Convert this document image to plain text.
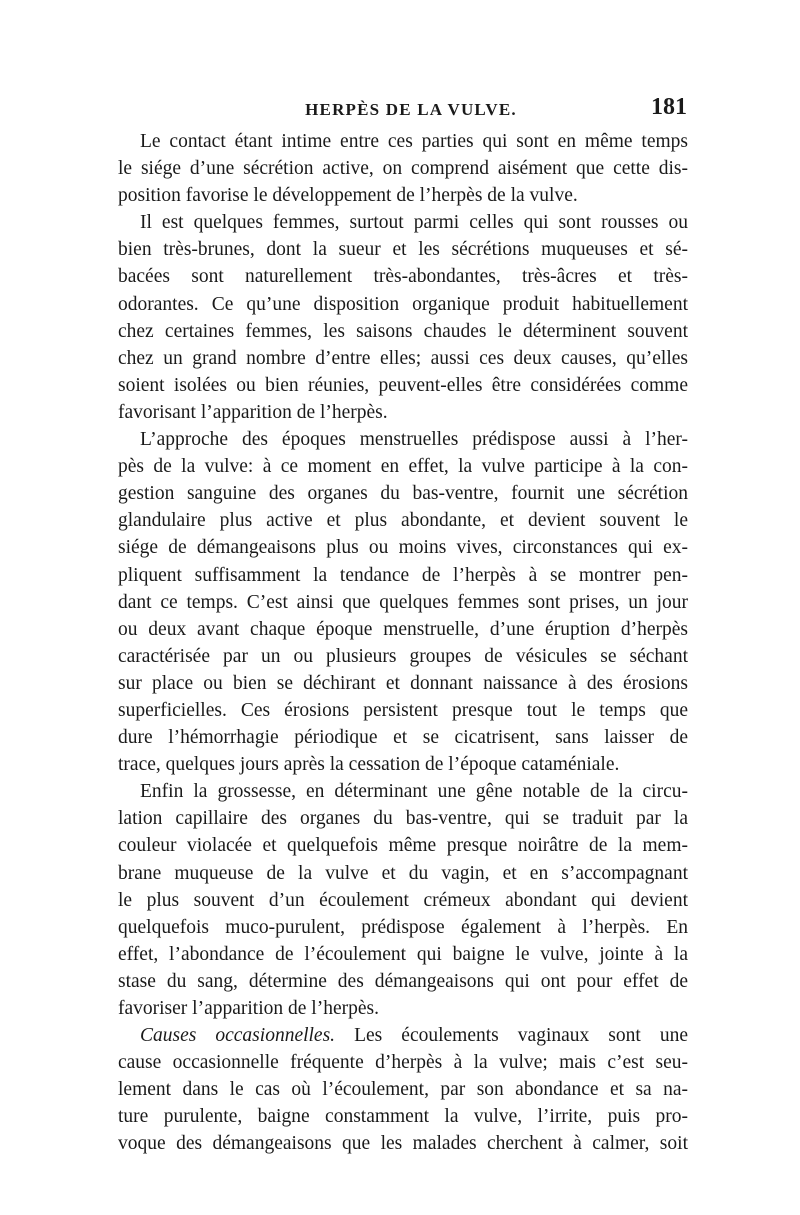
HERPÈS DE LA VULVE.	181
Le contact étant intime entre ces parties qui sont en même temps
le siége d’une sécrétion active, on comprend aisément que cette dis-
position favorise le développement de l’herpès de la vulve.
Il est quelques femmes, surtout parmi celles qui sont rousses ou
bien très-brunes, dont la sueur et les sécrétions muqueuses et sé-
bacées sont naturellement très-abondantes, très-âcres et très-
odorantes. Ce qu’une disposition organique produit habituellement
chez certaines femmes, les saisons chaudes le déterminent souvent
chez un grand nombre d’entre elles; aussi ces deux causes, qu’elles
soient isolées ou bien réunies, peuvent-elles être considérées comme
favorisant l’apparition de l’herpès.
L’approche des époques menstruelles prédispose aussi à l’her-
pès de la vulve: à ce moment en effet, la vulve participe à la con-
gestion sanguine des organes du bas-ventre, fournit une sécrétion
glandulaire plus active et plus abondante, et devient souvent le
siége de démangeaisons plus ou moins vives, circonstances qui ex-
pliquent suffisamment la tendance de l’herpès à se montrer pen-
dant ce temps. C’est ainsi que quelques femmes sont prises, un jour
ou deux avant chaque époque menstruelle, d’une éruption d’herpès
caractérisée par un ou plusieurs groupes de vésicules se séchant
sur place ou bien se déchirant et donnant naissance à des érosions
superficielles. Ces érosions persistent presque tout le temps que
dure l’hémorrhagie périodique et se cicatrisent, sans laisser de
trace, quelques jours après la cessation de l’époque cataméniale.
Enfin la grossesse, en déterminant une gêne notable de la circu-
lation capillaire des organes du bas-ventre, qui se traduit par la
couleur violacée et quelquefois même presque noirâtre de la mem-
brane muqueuse de la vulve et du vagin, et en s’accompagnant
le plus souvent d’un écoulement crémeux abondant qui devient
quelquefois muco-purulent, prédispose également à l’herpès. En
effet, l’abondance de l’écoulement qui baigne le vulve, jointe à la
stase du sang, détermine des démangeaisons qui ont pour effet de
favoriser l’apparition de l’herpès.
Causes occasionnelles. Les écoulements vaginaux sont une
cause occasionnelle fréquente d’herpès à la vulve; mais c’est seu-
lement dans le cas où l’écoulement, par son abondance et sa na-
ture purulente, baigne constamment la vulve, l’irrite, puis pro-
voque des démangeaisons que les malades cherchent à calmer, soit
